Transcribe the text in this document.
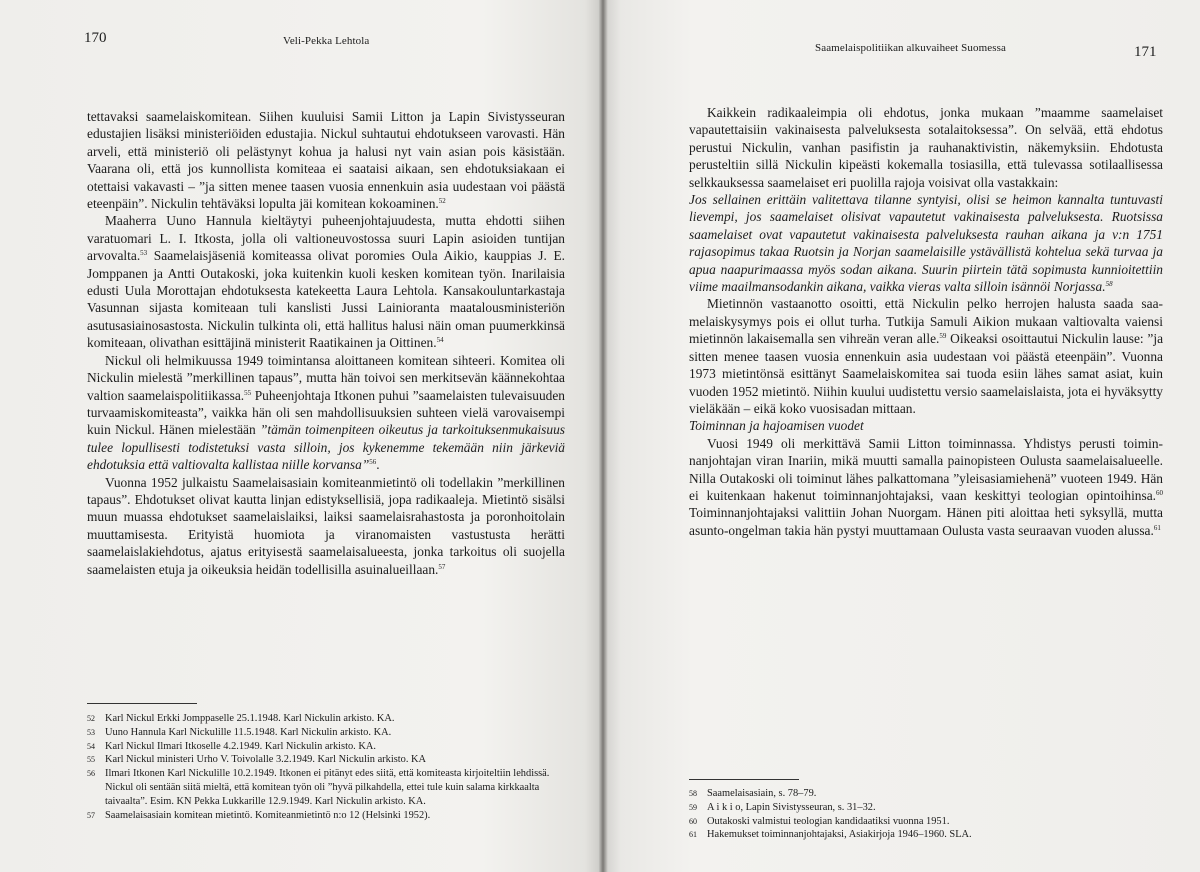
170	Veli-Pekka Lehtola

tettavaksi saamelaiskomitean. Siihen kuuluisi Samii Litton ja Lapin Sivistysseuran edustajien lisäksi ministeriöiden edustajia. Nickul suhtautui ehdotukseen varovasti. Hän arveli, että ministeriö oli pelästynyt kohua ja halusi nyt vain asian pois käsistään. Vaarana oli, että jos kunnollista komiteaa ei saataisi aikaan, sen ehdotuksiakaan ei otettaisi vakavasti – ”ja sitten menee taasen vuosia ennenkuin asia uudestaan voi päästä eteenpäin”. Nickulin tehtäväksi lopulta jäi komitean kokoaminen.$^{52}$

Maaherra Uuno Hannula kieltäytyi puheenjohtajuudesta, mutta ehdotti siihen varatuomari L. I. Itkosta, jolla oli valtioneuvostossa suuri Lapin asioiden tuntijan arvovalta.$^{53}$ Saamelaisjäseniä komiteassa olivat poromies Oula Aikio, kauppias J. E. Jomppanen ja Antti Outakoski, joka kuitenkin kuoli kesken komitean työn. Inarilaisia edusti Uula Morottajan ehdotuksesta katekeetta Laura Lehtola. Kansakouluntarkastaja Vasunnan sijasta komiteaan tuli kanslisti Jussi Lainioranta maatalousministeriön asutusasiainosastosta. Nickulin tulkinta oli, että hallitus halusi näin oman puumerkkinsä komiteaan, olivathan esittäjinä ministerit Raatikainen ja Oittinen.$^{54}$

Nickul oli helmikuussa 1949 toimintansa aloittaneen komitean sihteeri. Komitea oli Nickulin mielestä ”merkillinen tapaus”, mutta hän toivoi sen merkitsevän käännekohtaa valtion saamelaispolitiikassa.$^{55}$ Puheenjohtaja Itkonen puhui ”saamelaisten tulevaisuuden turvaamiskomiteasta”, vaikka hän oli sen mahdollisuuksien suhteen vielä varovaisempi kuin Nickul. Hänen mielestään ”tämän toimenpiteen oikeutus ja tarkoituksenmukaisuus tulee lopullisesti todistetuksi vasta silloin, jos kykenemme tekemään niin järkeviä ehdotuksia että valtiovalta kallistaa niille korvansa”$^{56}$.

Vuonna 1952 julkaistu Saamelaisasiain komiteanmietintö oli todellakin ”merkillinen tapaus”. Ehdotukset olivat kautta linjan edistyksellisiä, jopa radikaaleja. Mietintö sisälsi muun muassa ehdotukset saamelaislaiksi, laiksi saamelaisrahastosta ja poronhoitolain muuttamisesta. Erityistä huomiota ja viranomaisten vastustusta herätti saamelaislakiehdotus, ajatus erityisestä saamelaisalueesta, jonka tarkoitus oli suojella saamelaisten etuja ja oikeuksia heidän todellisilla asuinalueillaan.$^{57}$

52 Karl Nickul Erkki Jomppaselle 25.1.1948. Karl Nickulin arkisto. KA.
53 Uuno Hannula Karl Nickulille 11.5.1948. Karl Nickulin arkisto. KA.
54 Karl Nickul Ilmari Itkoselle 4.2.1949. Karl Nickulin arkisto. KA.
55 Karl Nickul ministeri Urho V. Toivolalle 3.2.1949. Karl Nickulin arkisto. KA
56 Ilmari Itkonen Karl Nickulille 10.2.1949. Itkonen ei pitänyt edes siitä, että komiteasta kirjoiteltiin lehdissä. Nickul oli sentään siitä mieltä, että komitean työn oli ”hyvä pilkahdella, ettei tule kuin salama kirkkaalta taivaalta”. Esim. KN Pekka Lukkarille 12.9.1949. Karl Nickulin arkisto. KA.
57 Saamelaisasiain komitean mietintö. Komiteanmietintö n:o 12 (Helsinki 1952).
Saamelaispolitiikan alkuvaiheet Suomessa	171

Kaikkein radikaaleimpia oli ehdotus, jonka mukaan ”maamme saamelaiset vapautettaisiin vakinaisesta palveluksesta sotalaitoksessa”. On selvää, että ehdotus perustui Nickulin, vanhan pasifistin ja rauhanaktivistin, näkemyksiin. Ehdotusta perusteltiin sillä Nickulin kipeästi kokemalla tosiasilla, että tulevassa sotilaallisessa selkkauksessa saamelaiset eri puolilla rajoja voisivat olla vastakkain:

Jos sellainen erittäin valitettava tilanne syntyisi, olisi se heimon kannalta tuntuvasti lievempi, jos saamelaiset olisivat vapautetut vakinaisesta palveluksesta. Ruotsissa saamelaiset ovat vapautetut vakinaisesta palveluksesta rauhan aikana ja v:n 1751 rajasopimus takaa Ruotsin ja Norjan saamelaisille ystävällistä kohtelua sekä turvaa ja apua naapurimaassa myös sodan aikana. Suurin piirtein tätä sopimusta kunnioitettiin viime maailmansodankin aikana, vaikka vieras valta silloin isännöi Norjassa.$^{58}$

Mietinnön vastaanotto osoitti, että Nickulin pelko herrojen halusta saada saamelaiskysymys pois ei ollut turha. Tutkija Samuli Aikion mukaan valtiovalta vaiensi mietinnön lakaisemalla sen vihreän veran alle.$^{59}$ Oikeaksi osoittautui Nickulin lause: ”ja sitten menee taasen vuosia ennenkuin asia uudestaan voi päästä eteenpäin”. Vuonna 1973 mietintönsä esittänyt Saamelaiskomitea sai tuoda esiin lähes samat asiat, kuin vuoden 1952 mietintö. Niihin kuului uudistettu versio saamelaislaista, jota ei hyväksytty vieläkään – eikä koko vuosisadan mittaan.

Toiminnan ja hajoamisen vuodet

Vuosi 1949 oli merkittävä Samii Litton toiminnassa. Yhdistys perusti toiminnanjohtajan viran Inariin, mikä muutti samalla painopisteen Oulusta saamelaisalueelle. Nilla Outakoski oli toiminut lähes palkattomana ”yleisasiamiehenä” vuoteen 1949. Hän ei kuitenkaan hakenut toiminnanjohtajaksi, vaan keskittyi teologian opintoihinsa.$^{60}$ Toiminnanjohtajaksi valittiin Johan Nuorgam. Hänen piti aloittaa heti syksyllä, mutta asunto-ongelman takia hän pystyi muuttamaan Oulusta vasta seuraavan vuoden alussa.$^{61}$

58 Saamelaisasiain, s. 78–79.
59 A i k i o, Lapin Sivistysseuran, s. 31–32.
60 Outakoski valmistui teologian kandidaatiksi vuonna 1951.
61 Hakemukset toiminnanjohtajaksi, Asiakirjoja 1946–1960. SLA.
